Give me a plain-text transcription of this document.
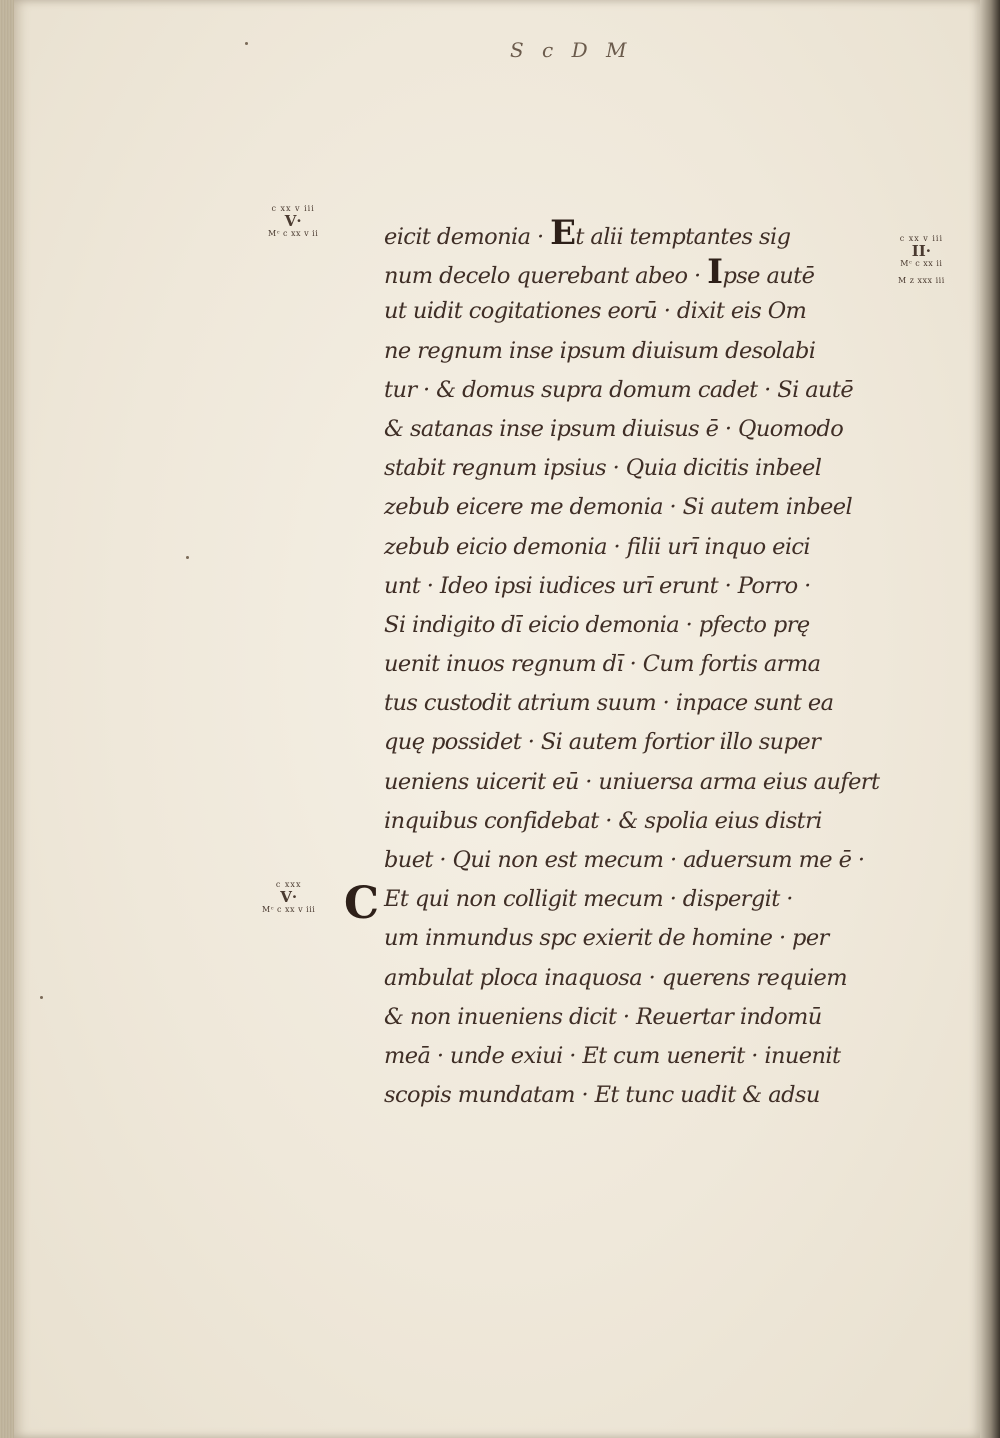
S c D M
c xx v iii
V·
Mᶜ c xx v ii
c xxx
V·
Mᶜ c xx v iii
c xx v iii
II·
Mᶜ c xx ii
M z xxx iii
C
eicit demonia · Et alii temptantes sig
num decelo querebant abeo · Ipse autē
ut uidit cogitationes eorū · dixit eis Om
ne regnum inse ipsum diuisum desolabi
tur · & domus supra domum cadet · Si autē
& satanas inse ipsum diuisus ē · Quomodo
stabit regnum ipsius · Quia dicitis inbeel
zebub eicere me demonia · Si autem inbeel
zebub eicio demonia · filii urī inquo eici
unt · Ideo ipsi iudices urī erunt · Porro ·
Si indigito dī eicio demonia · pfecto prę
uenit inuos regnum dī · Cum fortis arma
tus custodit atrium suum · inpace sunt ea
quę possidet · Si autem fortior illo super
ueniens uicerit eū · uniuersa arma eius aufert
inquibus confidebat · & spolia eius distri
buet · Qui non est mecum · aduersum me ē ·
Et qui non colligit mecum · dispergit ·
um inmundus spc exierit de homine · per
ambulat ploca inaquosa · querens requiem
& non inueniens dicit · Reuertar indomū
meā · unde exiui · Et cum uenerit · inuenit
scopis mundatam · Et tunc uadit & adsu
